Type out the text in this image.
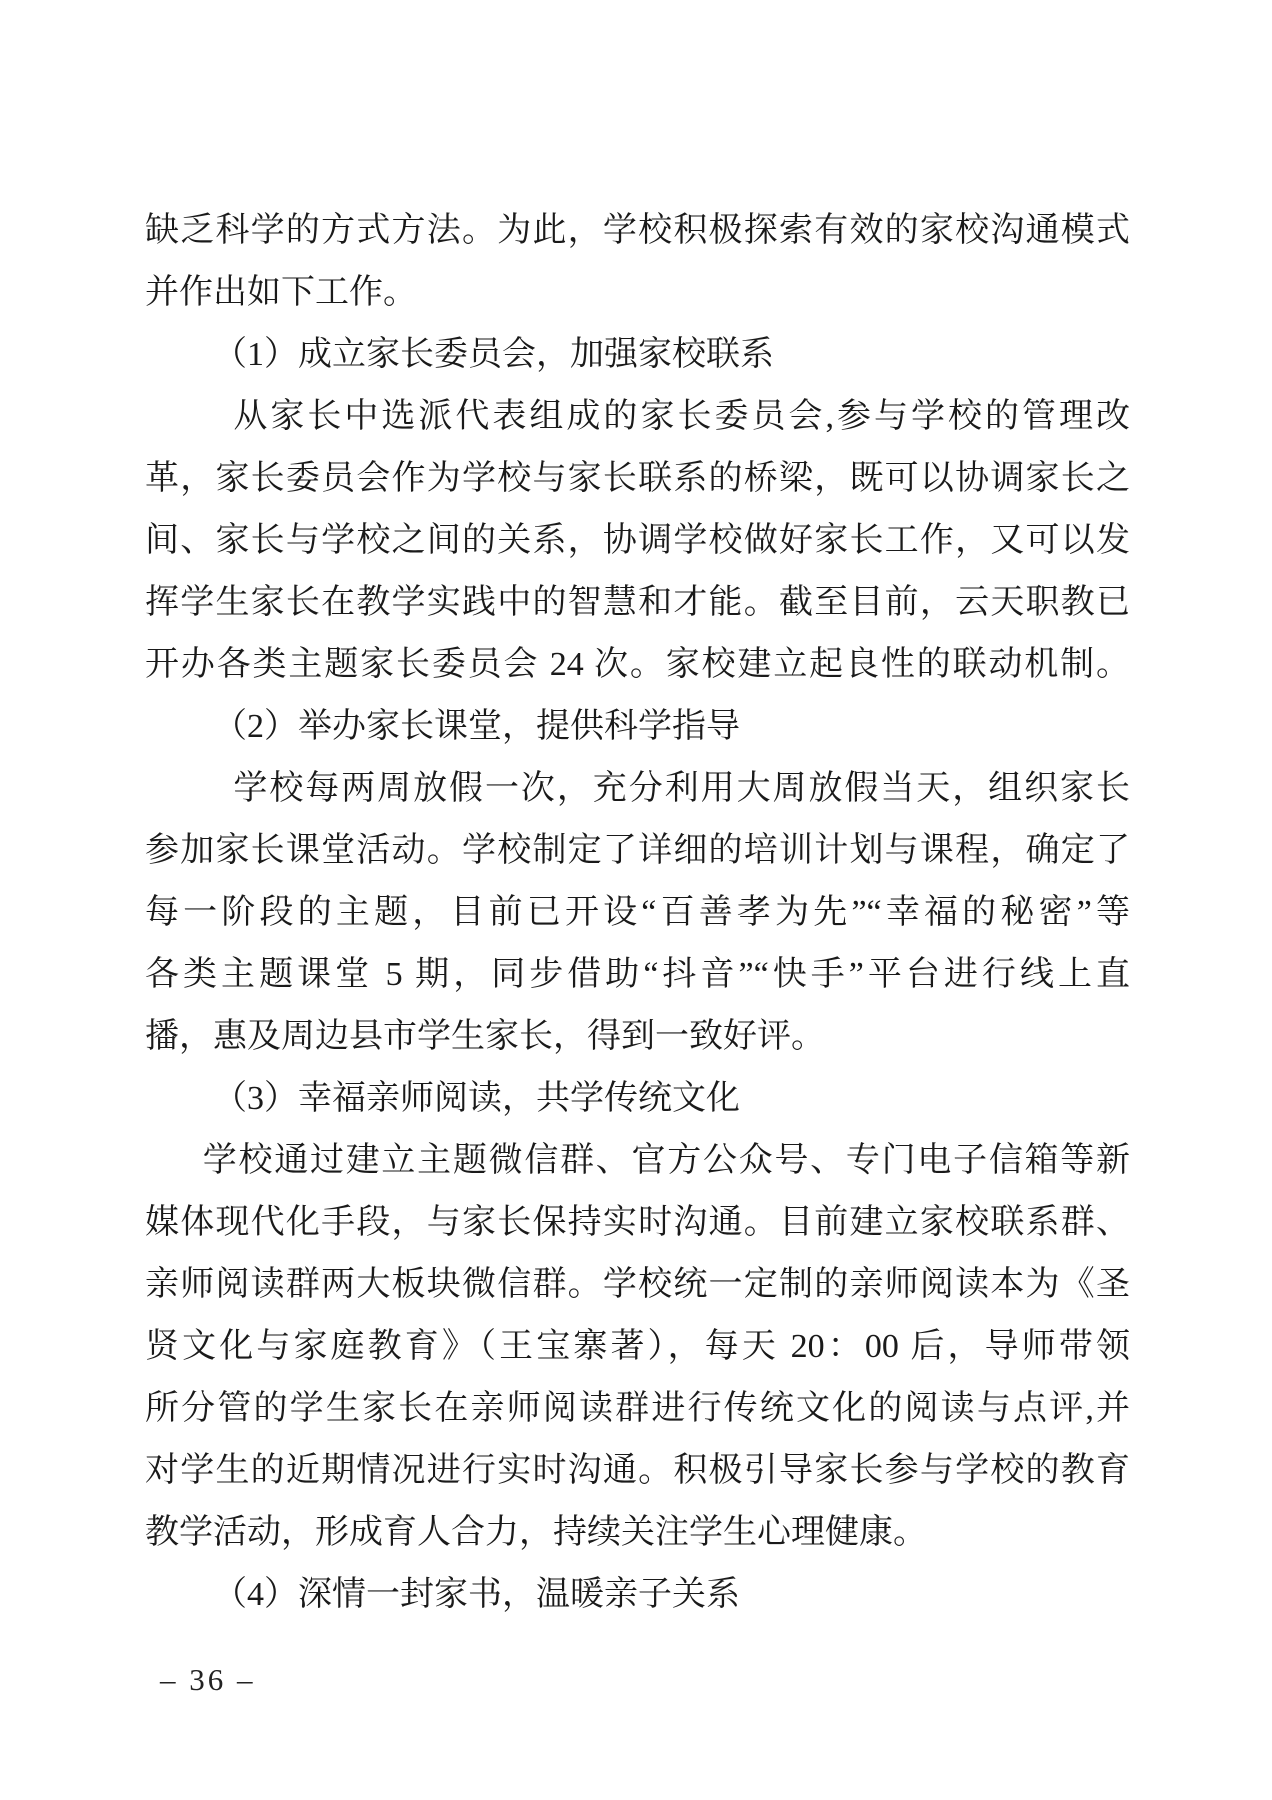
缺乏科学的方式方法。为此，学校积极探索有效的家校沟通模式
并作出如下工作。
（1）成立家长委员会，加强家校联系
从家长中选派代表组成的家长委员会,参与学校的管理改
革，家长委员会作为学校与家长联系的桥梁，既可以协调家长之
间、家长与学校之间的关系，协调学校做好家长工作，又可以发
挥学生家长在教学实践中的智慧和才能。截至目前，云天职教已
开办各类主题家长委员会 24 次。家校建立起良性的联动机制。
（2）举办家长课堂，提供科学指导
学校每两周放假一次，充分利用大周放假当天，组织家长
参加家长课堂活动。学校制定了详细的培训计划与课程，确定了
每一阶段的主题，目前已开设“百善孝为先”“幸福的秘密”等
各类主题课堂 5 期，同步借助“抖音”“快手”平台进行线上直
播，惠及周边县市学生家长，得到一致好评。
（3）幸福亲师阅读，共学传统文化
学校通过建立主题微信群、官方公众号、专门电子信箱等新
媒体现代化手段，与家长保持实时沟通。目前建立家校联系群、
亲师阅读群两大板块微信群。学校统一定制的亲师阅读本为《圣
贤文化与家庭教育》（王宝寨著），每天 20：00 后，导师带领
所分管的学生家长在亲师阅读群进行传统文化的阅读与点评,并
对学生的近期情况进行实时沟通。积极引导家长参与学校的教育
教学活动，形成育人合力，持续关注学生心理健康。
（4）深情一封家书，温暖亲子关系
– 36 –
